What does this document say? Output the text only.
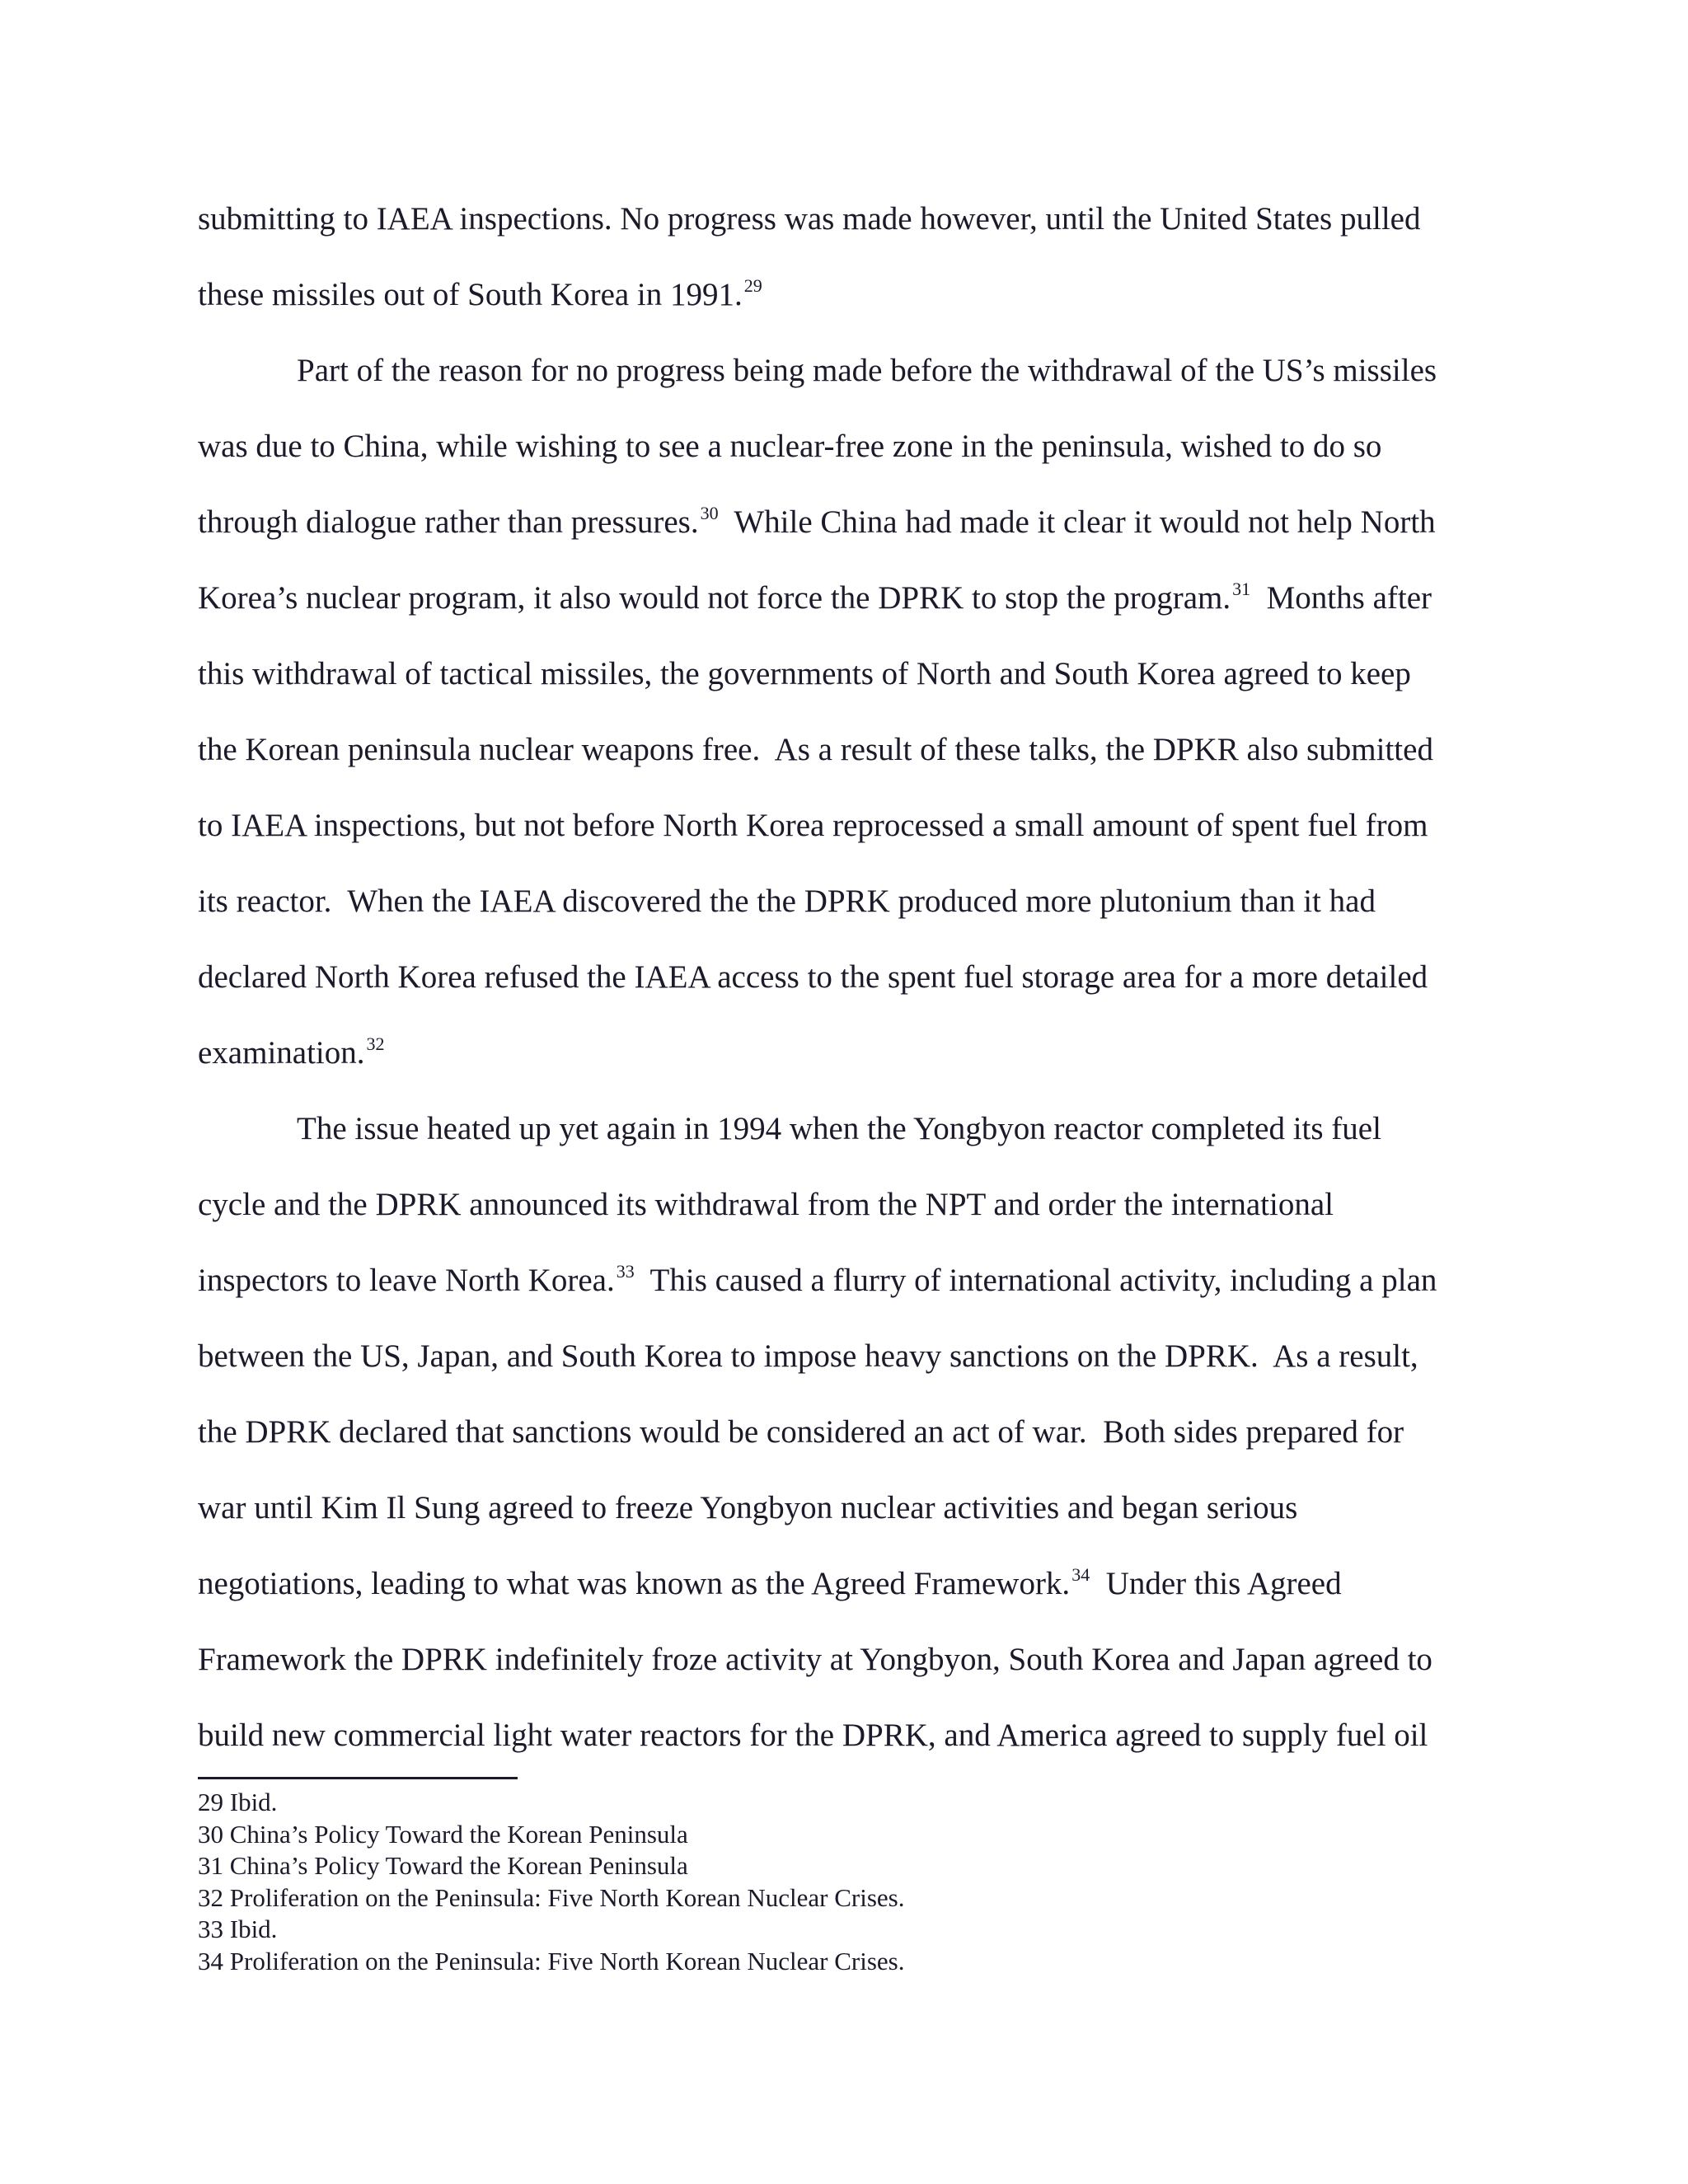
submitting to IAEA inspections. No progress was made however, until the United States pulled
these missiles out of South Korea in 1991.29
Part of the reason for no progress being made before the withdrawal of the US’s missiles
was due to China, while wishing to see a nuclear-free zone in the peninsula, wished to do so
through dialogue rather than pressures.$^{30}$  While China had made it clear it would not help North
Korea’s nuclear program, it also would not force the DPRK to stop the program.$^{31}$  Months after
this withdrawal of tactical missiles, the governments of North and South Korea agreed to keep
the Korean peninsula nuclear weapons free.  As a result of these talks, the DPKR also submitted
to IAEA inspections, but not before North Korea reprocessed a small amount of spent fuel from
its reactor.  When the IAEA discovered the the DPRK produced more plutonium than it had
declared North Korea refused the IAEA access to the spent fuel storage area for a more detailed
examination.$^{32}$
The issue heated up yet again in 1994 when the Yongbyon reactor completed its fuel
cycle and the DPRK announced its withdrawal from the NPT and order the international
inspectors to leave North Korea.$^{33}$  This caused a flurry of international activity, including a plan
between the US, Japan, and South Korea to impose heavy sanctions on the DPRK.  As a result,
the DPRK declared that sanctions would be considered an act of war.  Both sides prepared for
war until Kim Il Sung agreed to freeze Yongbyon nuclear activities and began serious
negotiations, leading to what was known as the Agreed Framework.$^{34}$  Under this Agreed
Framework the DPRK indefinitely froze activity at Yongbyon, South Korea and Japan agreed to
build new commercial light water reactors for the DPRK, and America agreed to supply fuel oil
29 Ibid.
30 China’s Policy Toward the Korean Peninsula
31 China’s Policy Toward the Korean Peninsula
32 Proliferation on the Peninsula: Five North Korean Nuclear Crises.
33 Ibid.
34 Proliferation on the Peninsula: Five North Korean Nuclear Crises.
